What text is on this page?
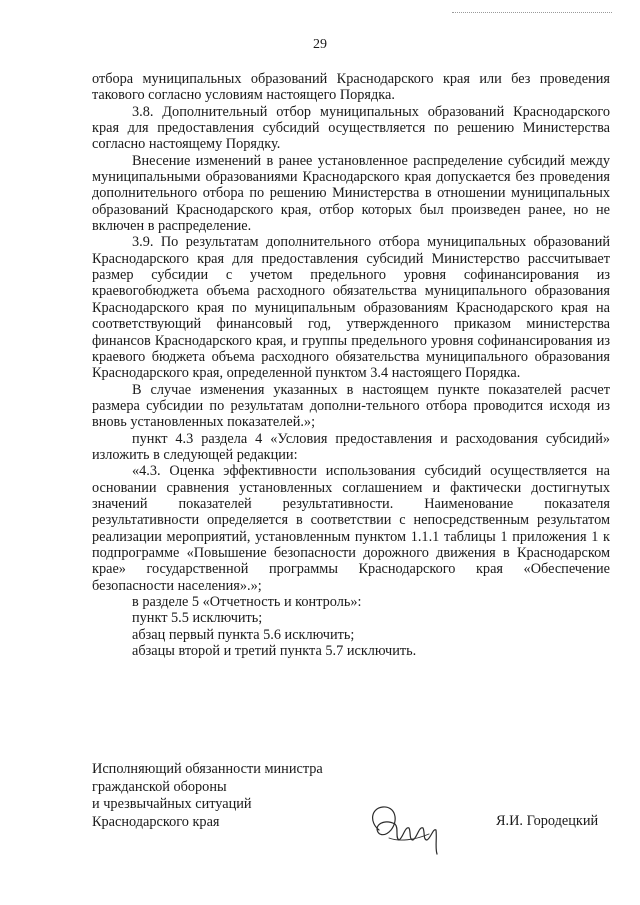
29

отбора муниципальных образований Краснодарского края или без проведения такового согласно условиям настоящего Порядка.

3.8. Дополнительный отбор муниципальных образований Краснодарского края для предоставления субсидий осуществляется по решению Министерства согласно настоящему Порядку.

Внесение изменений в ранее установленное распределение субсидий между муниципальными образованиями Краснодарского края допускается без проведения дополнительного отбора по решению Министерства в отношении муниципальных образований Краснодарского края, отбор которых был произведен ранее, но не включен в распределение.

3.9. По результатам дополнительного отбора муниципальных образований Краснодарского края для предоставления субсидий Министерство рассчитывает размер субсидии с учетом предельного уровня софинансирования из краевогобюджета объема расходного обязательства муниципального образования Краснодарского края по муниципальным образованиям Краснодарского края на соответствующий финансовый год, утвержденного приказом министерства финансов Краснодарского края, и группы предельного уровня софинансирования из краевого бюджета объема расходного обязательства муниципального образования Краснодарского края, определенной пунктом 3.4 настоящего Порядка.

В случае изменения указанных в настоящем пункте показателей расчет размера субсидии по результатам дополни-тельного отбора проводится исходя из вновь установленных показателей.»;

пункт 4.3 раздела 4 «Условия предоставления и расходования субсидий» изложить в следующей редакции:

«4.3. Оценка эффективности использования субсидий осуществляется на основании сравнения установленных соглашением и фактически достигнутых значений показателей результативности. Наименование показателя результативности определяется в соответствии с непосредственным результатом реализации мероприятий, установленным пунктом 1.1.1 таблицы 1 приложения 1 к подпрограмме «Повышение безопасности дорожного движения в Краснодарском крае» государственной программы Краснодарского края «Обеспечение безопасности населения».»;

в разделе 5 «Отчетность и контроль»:

пункт 5.5 исключить;

абзац первый пункта 5.6 исключить;

абзацы второй и третий пункта 5.7 исключить.

Исполняющий обязанности министра
гражданской обороны
и чрезвычайных ситуаций
Краснодарского края	Я.И. Городецкий
